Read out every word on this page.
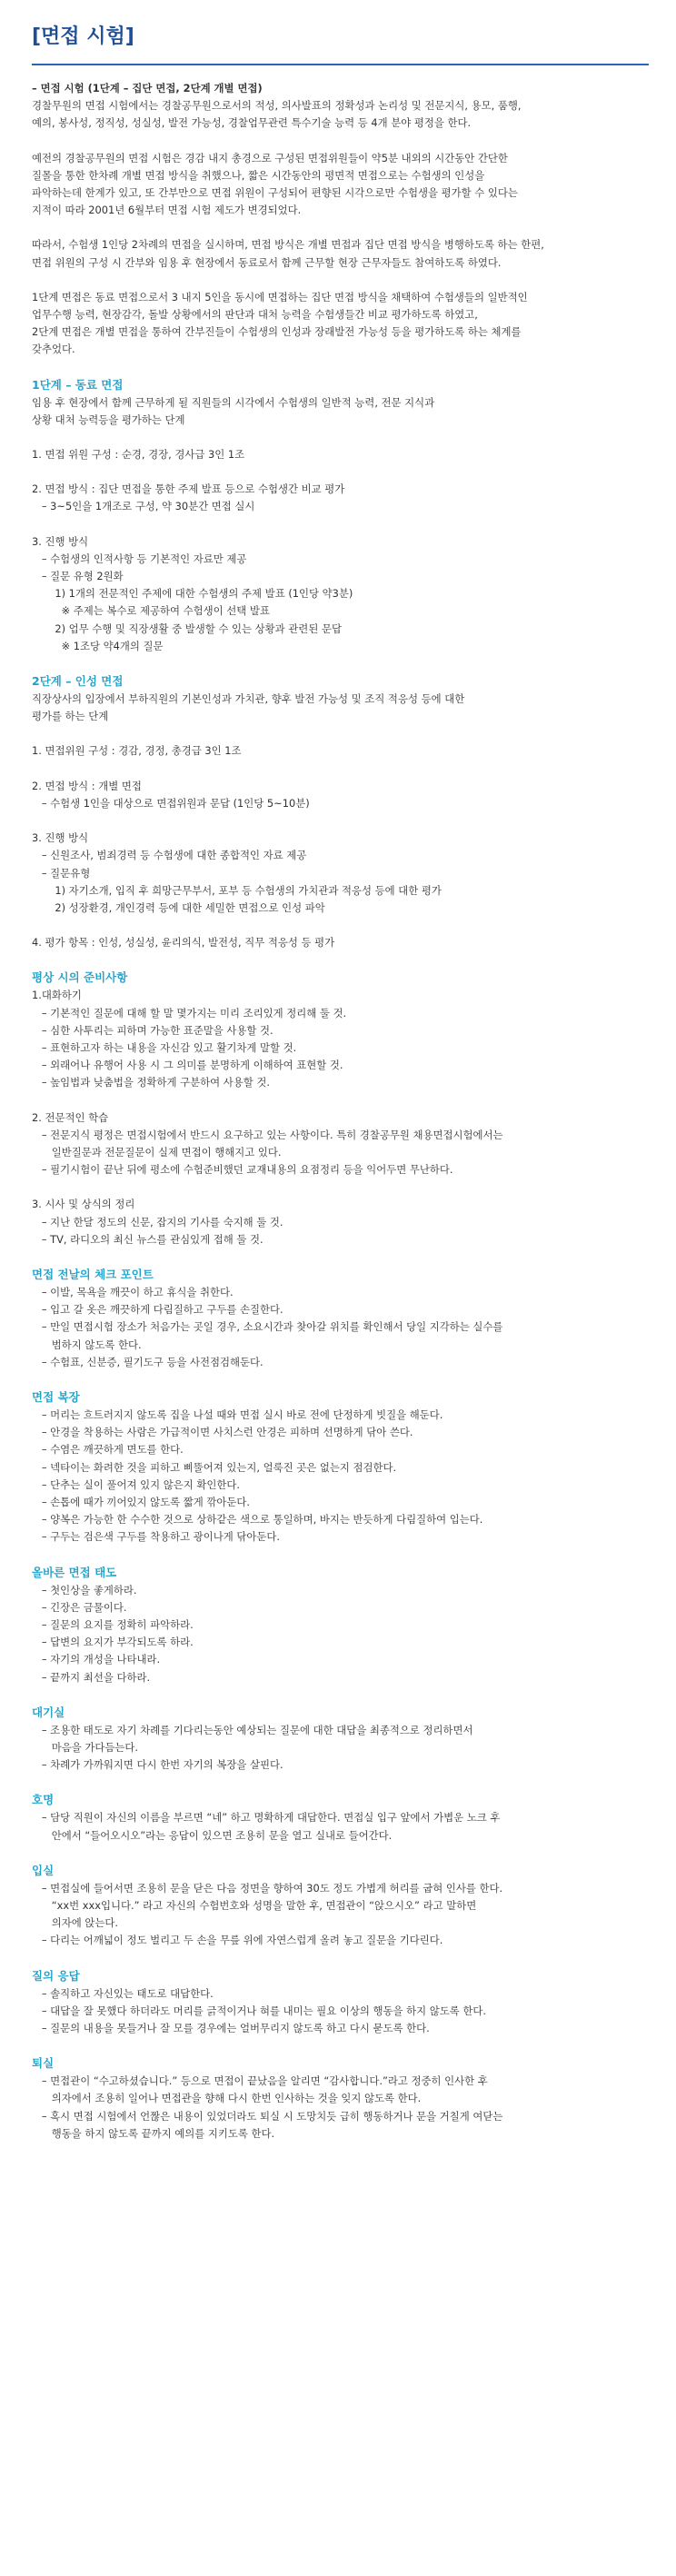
[면접 시험]
– 면접 시험 (1단계 – 집단 면접, 2단계 개별 면접)
경찰무원의 면접 시험에서는 경찰공무원으로서의 적성, 의사발표의 정확성과 논리성 및 전문지식, 용모, 품행,
예의, 봉사성, 정직성, 성실성, 발전 가능성, 경찰업무관련 특수기술 능력 등 4개 분야 평정을 한다.
예전의 경찰공무원의 면접 시험은 경감 내지 총경으로 구성된 면접위원들이 약5분 내외의 시간동안 간단한
질몰을 통한 한차례 개별 면접 방식을 취했으나, 짧은 시간동안의 평면적 면접으로는 수험생의 인성을
파악하는데 한계가 있고, 또 간부만으로 면접 위원이 구성되어 편향된 시각으로만 수험생을 평가할 수 있다는
지적이 따라 2001년 6월부터 면접 시험 제도가 변경되었다.
따라서, 수험생 1인당 2차례의 면접을 실시하며, 면접 방식은 개별 면접과 집단 면접 방식을 병행하도록 하는 한편,
면접 위원의 구성 시 간부와 임용 후 현장에서 동료로서 함께 근무할 현장 근무자들도 참여하도록 하였다.
1단계 면접은 동료 면접으로서 3 내지 5인을 동시에 면접하는 집단 면접 방식을 채택하여 수험생들의 일반적인
업무수행 능력, 현장감각, 돌발 상황에서의 판단과 대처 능력을 수험생들간 비교 평가하도록 하였고,
2단계 면접은 개별 면접을 통하여 간부진들이 수험생의 인성과 장래발전 가능성 등을 평가하도록 하는 체계를
갖추었다.
1단계 – 동료 면접
임용 후 현장에서 함께 근무하게 될 직원들의 시각에서 수험생의 일반적 능력, 전문 지식과
상황 대처 능력등을 평가하는 단계
1. 면접 위원 구성 : 순경, 경장, 경사급 3인 1조
2. 면접 방식 : 집단 면접을 통한 주제 발표 등으로 수험생간 비교 평가
– 3~5인을 1개조로 구성, 약 30분간 면접 실시
3. 진행 방식
– 수험생의 인적사항 등 기본적인 자료만 제공
– 질문 유형 2원화
1) 1개의 전문적인 주제에 대한 수험생의 주제 발표 (1인당 약3분)
※ 주제는 복수로 제공하여 수험생이 선택 발표
2) 업무 수행 및 직장생활 중 발생할 수 있는 상황과 관련된 문답
※ 1조당 약4개의 질문
2단계 – 인성 면접
직장상사의 입장에서 부하직원의 기본인성과 가치관, 향후 발전 가능성 및 조직 적응성 등에 대한
평가를 하는 단계
1. 면접위원 구성 : 경감, 경정, 총경급 3인 1조
2. 면접 방식 : 개별 면접
– 수험생 1인을 대상으로 면접위원과 문답 (1인당 5~10분)
3. 진행 방식
– 신원조사, 범죄경력 등 수험생에 대한 종합적인 자료 제공
– 질문유형
1) 자기소개, 입직 후 희망근무부서, 포부 등 수험생의 가치관과 적응성 등에 대한 평가
2) 성장환경, 개인경력 등에 대한 세밀한 면접으로 인성 파악
4. 평가 항목 : 인성, 성실성, 윤리의식, 발전성, 직무 적응성 등 평가
평상 시의 준비사항
1.대화하기
– 기본적인 질문에 대해 할 말 몇가지는 미리 조리있게 정리해 둘 것.
– 심한 사투리는 피하며 가능한 표준말을 사용할 것.
– 표현하고자 하는 내용을 자신감 있고 활기차게 말할 것.
– 외래어나 유행어 사용 시 그 의미를 분명하게 이해하여 표현할 것.
– 높임법과 낮춤법을 정확하게 구분하여 사용할 것.
2. 전문적인 학습
– 전문지식 평정은 면접시험에서 반드시 요구하고 있는 사항이다. 특히 경찰공무원 채용면접시험에서는
일반질문과 전문질문이 실제 면접이 행해지고 있다.
– 필기시험이 끝난 뒤에 평소에 수험준비했던 교재내용의 요점정리 등을 익어두면 무난하다.
3. 시사 및 상식의 정리
– 지난 한달 정도의 신문, 잡지의 기사를 숙지해 둘 것.
– TV, 라디오의 최신 뉴스를 관심있게 접해 둘 것.
면접 전날의 체크 포인트
– 이발, 목욕을 깨끗이 하고 휴식을 취한다.
– 입고 갈 옷은 깨끗하게 다림질하고 구두를 손질한다.
– 만일 면접시험 장소가 처음가는 곳일 경우, 소요시간과 찾아갈 위치를 확인해서 당일 지각하는 실수를
범하지 않도록 한다.
– 수험표, 신분증, 필기도구 등을 사전점검해둔다.
면접 복장
– 머리는 흐트러지지 않도록 집을 나설 때와 면접 실시 바로 전에 단정하게 빗질을 해둔다.
– 안경을 착용하는 사람은 가급적이면 사치스런 안경은 피하며 선명하게 닦아 쓴다.
– 수염은 깨끗하게 면도를 한다.
– 넥타이는 화려한 것을 피하고 삐뚤어져 있는지, 얼룩진 곳은 없는지 점검한다.
– 단추는 실이 풀어져 있지 않은지 확인한다.
– 손톱에 때가 끼어있지 않도록 짧게 깎아둔다.
– 양복은 가능한 한 수수한 것으로 상하같은 색으로 통일하며, 바지는 반듯하게 다림질하여 입는다.
– 구두는 검은색 구두를 착용하고 광이나게 닦아둔다.
올바른 면접 태도
– 첫인상을 좋게하라.
– 긴장은 금물이다.
– 질문의 요지를 정확히 파악하라.
– 답변의 요지가 부각되도록 하라.
– 자기의 개성을 나타내라.
– 끝까지 최선을 다하라.
대기실
– 조용한 태도로 자기 차례를 기다리는동안 예상되는 질문에 대한 대답을 최종적으로 정리하면서
마음을 가다듬는다.
– 차례가 가까워지면 다시 한번 자기의 복장을 살핀다.
호명
– 담당 직원이 자신의 이름을 부르면 “네” 하고 명확하게 대답한다. 면접실 입구 앞에서 가볍운 노크 후
안에서 “들어오시오”라는 응답이 있으면 조용히 문을 열고 실내로 들어간다.
입실
– 면접실에 들어서면 조용히 문을 닫은 다음 정면을 향하여 30도 정도 가볍게 허리를 굽혀 인사를 한다.
“xx번 xxx입니다.” 라고 자신의 수험번호와 성명을 말한 후, 면접관이 “앉으시오” 라고 말하면
의자에 앉는다.
– 다리는 어깨넓이 정도 벌리고 두 손을 무릎 위에 자연스럽게 올려 놓고 질문을 기다린다.
질의 응답
– 솔직하고 자신있는 태도로 대답한다.
– 대답을 잘 못했다 하더라도 머리를 긁적이거나 혀를 내미는 필요 이상의 행동을 하지 않도록 한다.
– 질문의 내용을 못들거나 잘 모를 경우에는 얼버무리지 않도록 하고 다시 묻도록 한다.
퇴실
– 면접관이 “수고하셨습니다.” 등으로 면접이 끝났음을 알리면 “감사합니다.”라고 정중히 인사한 후
의자에서 조용히 일어나 면접관을 향해 다시 한번 인사하는 것을 잊지 않도록 한다.
– 혹시 면접 시험에서 언짢은 내용이 있었더라도 퇴실 시 도망치듯 급히 행동하거나 문을 거칠게 여닫는
행동을 하지 않도록 끝까지 예의를 지키도록 한다.
